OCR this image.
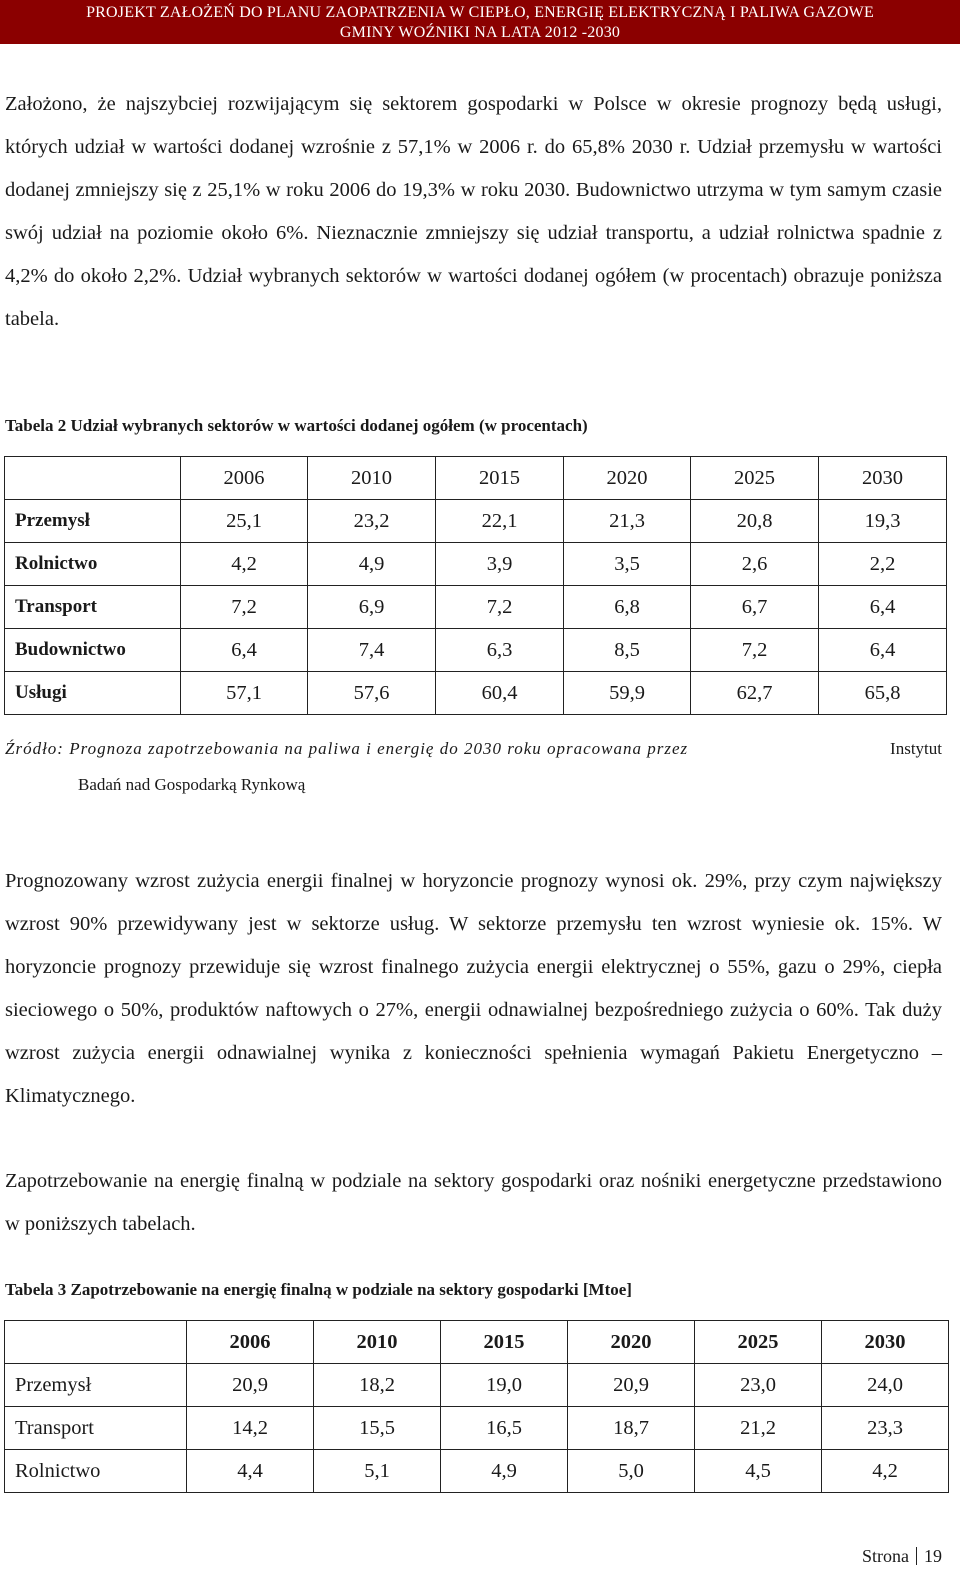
PROJEKT ZAŁOŻEŃ DO PLANU ZAOPATRZENIA W CIEPŁO, ENERGIĘ ELEKTRYCZNĄ I PALIWA GAZOWE
GMINY WOŹNIKI NA LATA 2012 -2030

Założono, że najszybciej rozwijającym się sektorem gospodarki w Polsce w okresie prognozy będą usługi, których udział w wartości dodanej wzrośnie z 57,1% w 2006 r. do 65,8% 2030 r. Udział przemysłu w wartości dodanej zmniejszy się z 25,1% w roku 2006 do 19,3% w roku 2030. Budownictwo utrzyma w tym samym czasie swój udział na poziomie około 6%. Nieznacznie zmniejszy się udział transportu, a udział rolnictwa spadnie z 4,2% do około 2,2%. Udział wybranych sektorów w wartości dodanej ogółem (w procentach) obrazuje poniższa tabela.

Tabela 2 Udział wybranych sektorów w wartości dodanej ogółem (w procentach)

	2006	2010	2015	2020	2025	2030
Przemysł	25,1	23,2	22,1	21,3	20,8	19,3
Rolnictwo	4,2	4,9	3,9	3,5	2,6	2,2
Transport	7,2	6,9	7,2	6,8	6,7	6,4
Budownictwo	6,4	7,4	6,3	8,5	7,2	6,4
Usługi	57,1	57,6	60,4	59,9	62,7	65,8
Źródło: Prognoza zapotrzebowania na paliwa i energię do 2030 roku opracowana przez	Instytut
Badań nad Gospodarką Rynkową

Prognozowany wzrost zużycia energii finalnej w horyzoncie prognozy wynosi ok. 29%, przy czym największy wzrost 90% przewidywany jest w sektorze usług. W sektorze przemysłu ten wzrost wyniesie ok. 15%. W horyzoncie prognozy przewiduje się wzrost finalnego zużycia energii elektrycznej o 55%, gazu o 29%, ciepła sieciowego o 50%, produktów naftowych o 27%, energii odnawialnej bezpośredniego zużycia o 60%. Tak duży wzrost zużycia energii odnawialnej wynika z konieczności spełnienia wymagań Pakietu Energetyczno – Klimatycznego.

Zapotrzebowanie na energię finalną w podziale na sektory gospodarki oraz nośniki energetyczne przedstawiono w poniższych tabelach.

Tabela 3 Zapotrzebowanie na energię finalną w podziale na sektory gospodarki [Mtoe]

	2006	2010	2015	2020	2025	2030
Przemysł	20,9	18,2	19,0	20,9	23,0	24,0
Transport	14,2	15,5	16,5	18,7	21,2	23,3
Rolnictwo	4,4	5,1	4,9	5,0	4,5	4,2
Strona 19
